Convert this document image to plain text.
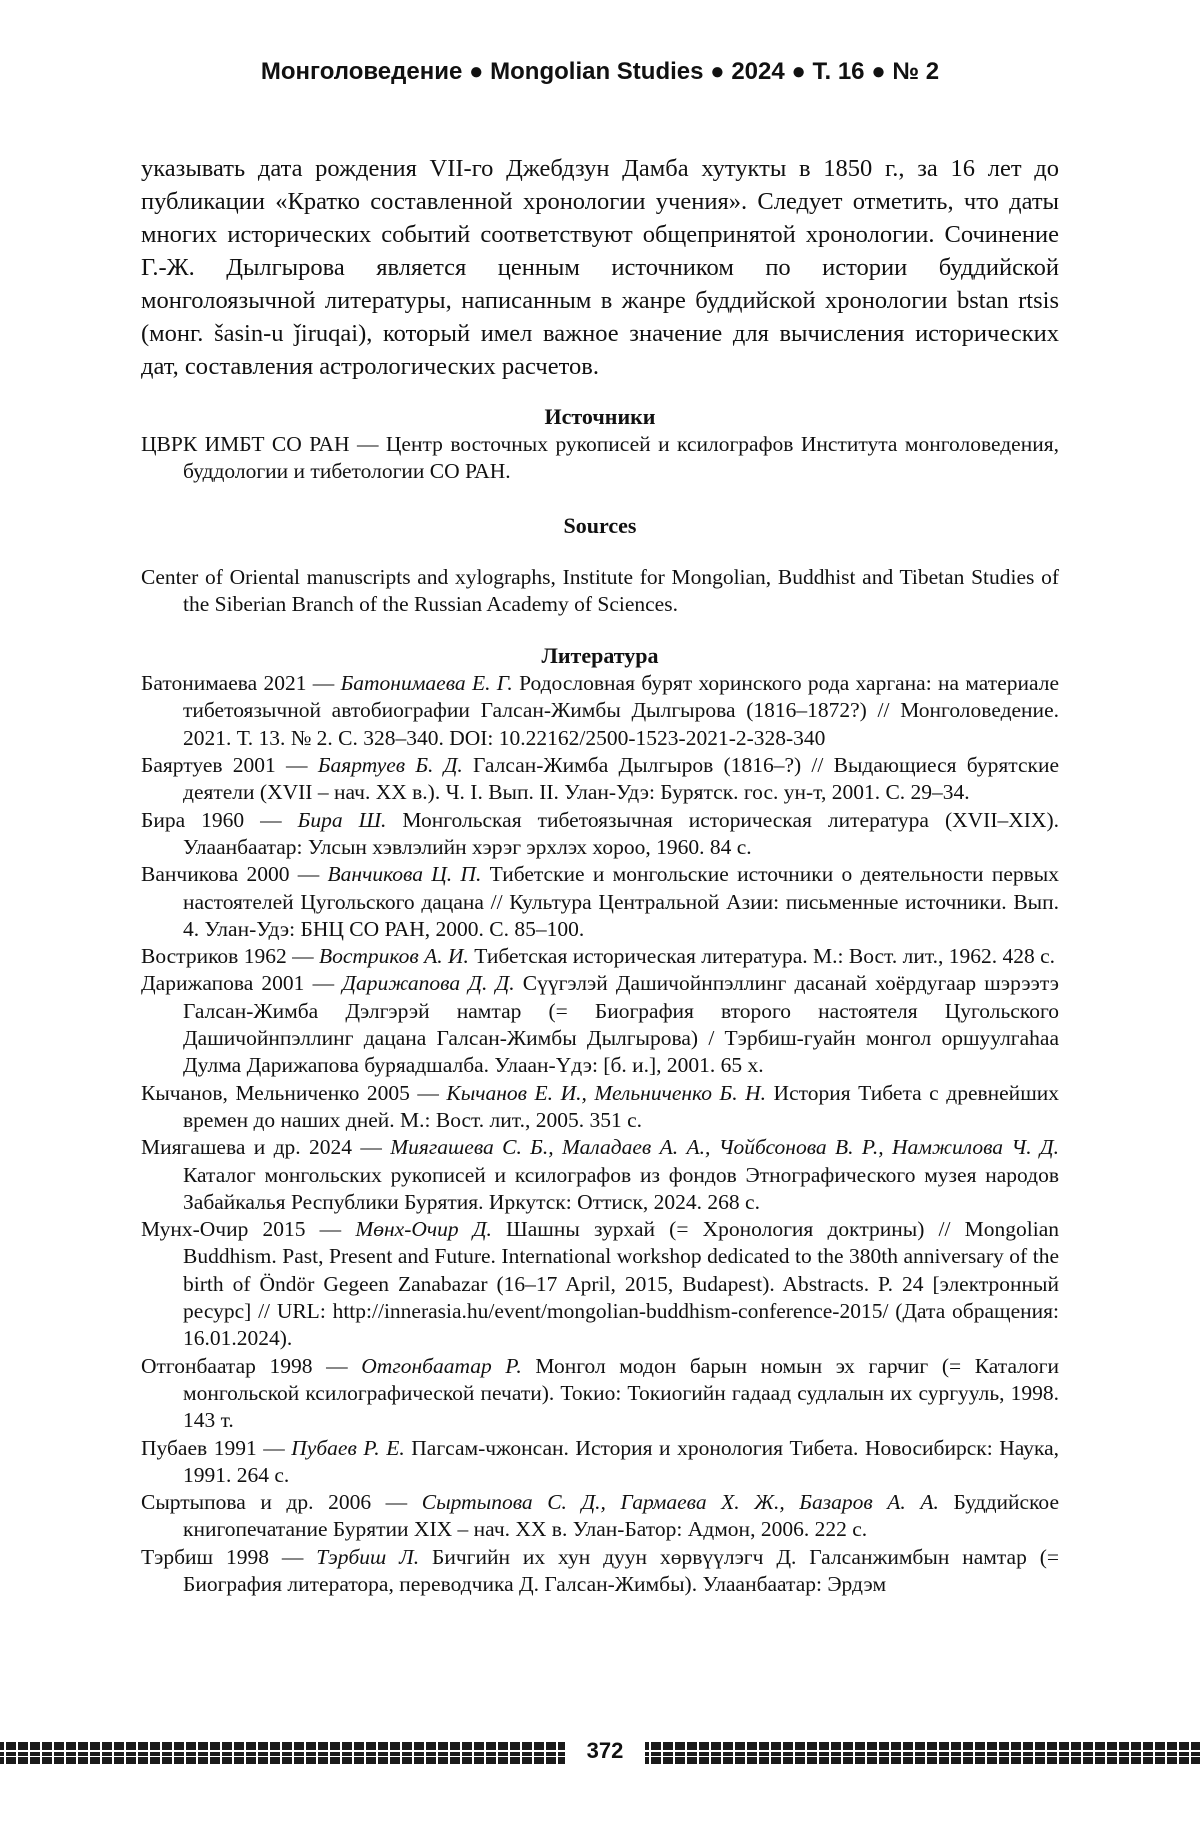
Монголоведение ● Mongolian Studies ● 2024 ● Т. 16 ● № 2

указывать дата рождения VII-го Джебдзун Дамба хутукты в 1850 г., за 16 лет до публикации «Кратко составленной хронологии учения». Следует отметить, что даты многих исторических событий соответствуют общепринятой хронологии. Сочинение Г.-Ж. Дылгырова является ценным источником по истории буддийской монголоязычной литературы, написанным в жанре буддийской хронологии bstan rtsis (монг. šasin-u ǰiruqai), который имел важное значение для вычисления исторических дат, составления астрологических расчетов.

Источники

ЦВРК ИМБТ СО РАН — Центр восточных рукописей и ксилографов Института монголоведения, буддологии и тибетологии СО РАН.

Sources

Center of Oriental manuscripts and xylographs, Institute for Mongolian, Buddhist and Tibetan Studies of the Siberian Branch of the Russian Academy of Sciences.

Литература
Батонимаева 2021 — Батонимаева Е. Г. Родословная бурят хоринского рода харгана: на материале тибетоязычной автобиографии Галсан-Жимбы Дылгырова (1816–1872?) // Монголоведение. 2021. Т. 13. № 2. С. 328–340. DOI: 10.22162/2500-1523-2021-2-328-340
Баяртуев 2001 — Баяртуев Б. Д. Галсан-Жимба Дылгыров (1816–?) // Выдающиеся бурятские деятели (XVII – нач. XX в.). Ч. I. Вып. II. Улан-Удэ: Бурятск. гос. ун-т, 2001. С. 29–34.
Бира 1960 — Бира Ш. Монгольская тибетоязычная историческая литература (XVII–XIX). Улаанбаатар: Улсын хэвлэлийн хэрэг эрхлэх хороо, 1960. 84 с.
Ванчикова 2000 — Ванчикова Ц. П. Тибетские и монгольские источники о деятельности первых настоятелей Цугольского дацана // Культура Центральной Азии: письменные источники. Вып. 4. Улан-Удэ: БНЦ СО РАН, 2000. С. 85–100.
Востриков 1962 — Востриков А. И. Тибетская историческая литература. М.: Вост. лит., 1962. 428 с.
Дарижапова 2001 — Дарижапова Д. Д. Сүүгэлэй Дашичойнпэллинг дасанай хоёрдугаар шэрээтэ Галсан-Жимба Дэлгэрэй намтар (= Биография второго настоятеля Цугольского Дашичойнпэллинг дацана Галсан-Жимбы Дылгырова) / Тэрбиш-гуайн монгол оршуулгаhаа Дулма Дарижапова буряадшалба. Улаан-Үдэ: [б. и.], 2001. 65 х.
Кычанов, Мельниченко 2005 — Кычанов Е. И., Мельниченко Б. Н. История Тибета с древнейших времен до наших дней. М.: Вост. лит., 2005. 351 с.
Миягашева и др. 2024 — Миягашева С. Б., Маладаев А. А., Чойбсонова В. Р., Намжилова Ч. Д. Каталог монгольских рукописей и ксилографов из фондов Этнографического музея народов Забайкалья Республики Бурятия. Иркутск: Оттиск, 2024. 268 с.
Мунх-Очир 2015 — Мөнх-Очир Д. Шашны зурхай (= Хронология доктрины) // Mongolian Buddhism. Past, Present and Future. International workshop dedicated to the 380th anniversary of the birth of Öndör Gegeen Zanabazar (16–17 April, 2015, Budapest). Abstracts. P. 24 [электронный ресурс] // URL: http://innerasia.hu/event/mongolian-buddhism-conference-2015/ (Дата обращения: 16.01.2024).
Отгонбаатар 1998 — Отгонбаатар Р. Монгол модон барын номын эх гарчиг (= Каталоги монгольской ксилографической печати). Токио: Токиогийн гадаад судлалын их сургууль, 1998. 143 т.
Пубаев 1991 — Пубаев Р. Е. Пагсам-чжонсан. История и хронология Тибета. Новосибирск: Наука, 1991. 264 с.
Сыртыпова и др. 2006 — Сыртыпова С. Д., Гармаева Х. Ж., Базаров А. А. Буддийское книгопечатание Бурятии XIX – нач. XX в. Улан-Батор: Адмон, 2006. 222 с.
Тэрбиш 1998 — Тэрбиш Л. Бичгийн их хун дуун хөрвүүлэгч Д. Галсанжимбын намтар (= Биография литератора, переводчика Д. Галсан-Жимбы). Улаанбаатар: Эрдэм
372
